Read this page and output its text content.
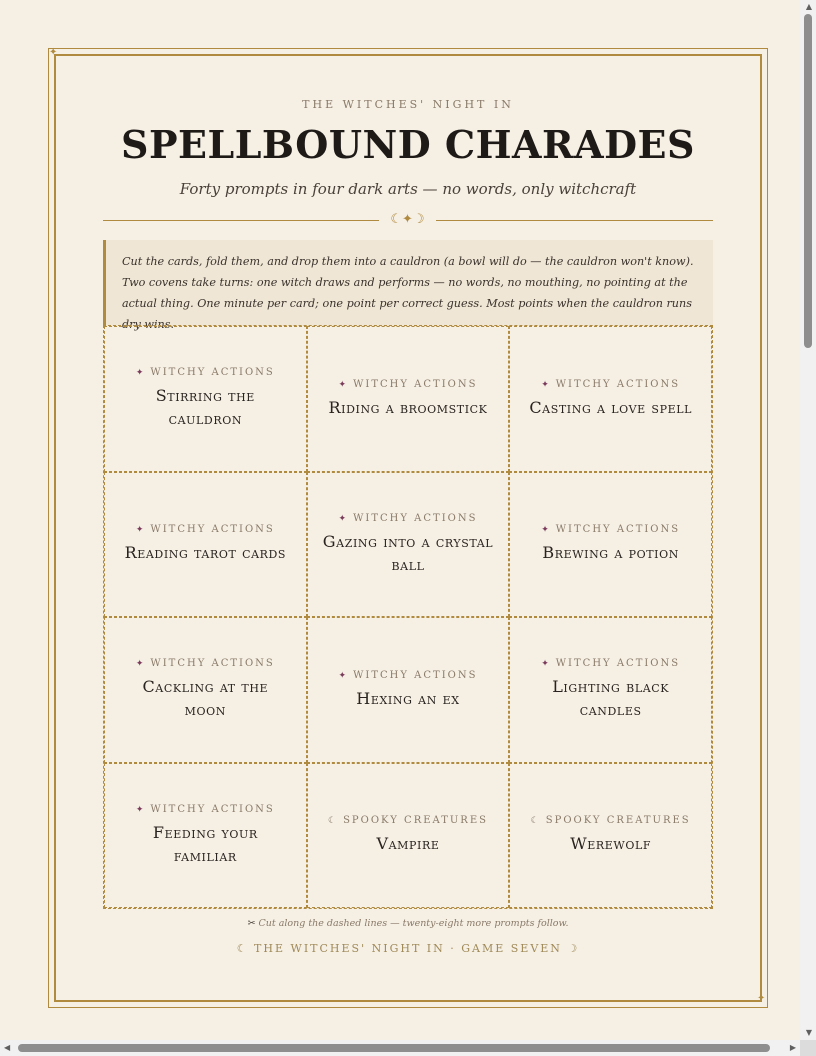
✦
✦
THE WITCHES' NIGHT IN
SPELLBOUND CHARADES
Forty prompts in four dark arts — no words, only witchcraft
☾✦☽
Cut the cards, fold them, and drop them into a cauldron (a bowl will do — the cauldron won't know). Two covens take turns: one witch draws and performs — no words, no mouthing, no pointing at the actual thing. One minute per card; one point per correct guess. Most points when the cauldron runs dry wins.
✦ WITCHY ACTIONS
Stirring the cauldron
✦ WITCHY ACTIONS
Riding a broomstick
✦ WITCHY ACTIONS
Casting a love spell
✦ WITCHY ACTIONS
Reading tarot cards
✦ WITCHY ACTIONS
Gazing into a crystal ball
✦ WITCHY ACTIONS
Brewing a potion
✦ WITCHY ACTIONS
Cackling at the moon
✦ WITCHY ACTIONS
Hexing an ex
✦ WITCHY ACTIONS
Lighting black candles
✦ WITCHY ACTIONS
Feeding your familiar
☾ SPOOKY CREATURES
Vampire
☾ SPOOKY CREATURES
Werewolf
✂ Cut along the dashed lines — twenty-eight more prompts follow.
☾ THE WITCHES' NIGHT IN · GAME SEVEN ☽
▲
▼
◀	▶
